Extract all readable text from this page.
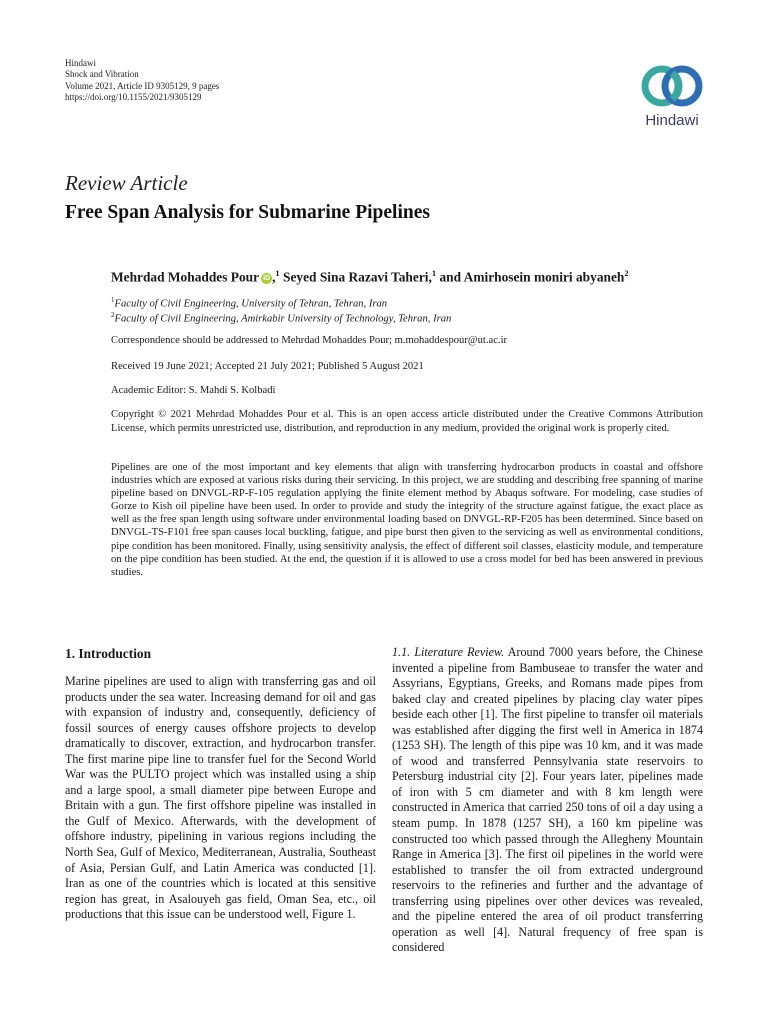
Hindawi
Shock and Vibration
Volume 2021, Article ID 9305129, 9 pages
https://doi.org/10.1155/2021/9305129
Hindawi
Review Article
Free Span Analysis for Submarine Pipelines
Mehrdad Mohaddes Pour iD ,$^1$ Seyed Sina Razavi Taheri,$^1$ and Amirhosein moniri abyaneh$^2$
$^1$Faculty of Civil Engineering, University of Tehran, Tehran, Iran
$^2$Faculty of Civil Engineering, Amirkabir University of Technology, Tehran, Iran
Correspondence should be addressed to Mehrdad Mohaddes Pour; m.mohaddespour@ut.ac.ir
Received 19 June 2021; Accepted 21 July 2021; Published 5 August 2021
Academic Editor: S. Mahdi S. Kolbadi
Copyright © 2021 Mehrdad Mohaddes Pour et al. This is an open access article distributed under the Creative Commons Attribution License, which permits unrestricted use, distribution, and reproduction in any medium, provided the original work is properly cited.
Pipelines are one of the most important and key elements that align with transferring hydrocarbon products in coastal and offshore industries which are exposed at various risks during their servicing. In this project, we are studding and describing free spanning of marine pipeline based on DNVGL-RP-F-105 regulation applying the finite element method by Abaqus software. For modeling, case studies of Gorze to Kish oil pipeline have been used. In order to provide and study the integrity of the structure against fatigue, the exact place as well as the free span length using software under environmental loading based on DNVGL-RP-F205 has been determined. Since based on DNVGL-TS-F101 free span causes local buckling, fatigue, and pipe burst then given to the servicing as well as environmental conditions, pipe condition has been monitored. Finally, using sensitivity analysis, the effect of different soil classes, elasticity module, and temperature on the pipe condition has been studied. At the end, the question if it is allowed to use a cross model for bed has been answered in previous studies.
1. Introduction

Marine pipelines are used to align with transferring gas and oil products under the sea water. Increasing demand for oil and gas with expansion of industry and, consequently, deficiency of fossil sources of energy causes offshore projects to develop dramatically to discover, extraction, and hydrocarbon transfer. The first marine pipe line to transfer fuel for the Second World War was the PULTO project which was installed using a ship and a large spool, a small diameter pipe between Europe and Britain with a gun. The first offshore pipeline was installed in the Gulf of Mexico. Afterwards, with the development of offshore industry, pipelining in various regions including the North Sea, Gulf of Mexico, Mediterranean, Australia, Southeast of Asia, Persian Gulf, and Latin America was conducted [1]. Iran as one of the countries which is located at this sensitive region has great, in Asalouyeh gas field, Oman Sea, etc., oil productions that this issue can be understood well, Figure 1.

1.1. Literature Review. Around 7000 years before, the Chinese invented a pipeline from Bambuseae to transfer the water and Assyrians, Egyptians, Greeks, and Romans made pipes from baked clay and created pipelines by placing clay water pipes beside each other [1]. The first pipeline to transfer oil materials was established after digging the first well in America in 1874 (1253 SH). The length of this pipe was 10 km, and it was made of wood and transferred Pennsylvania state reservoirs to Petersburg industrial city [2]. Four years later, pipelines made of iron with 5 cm diameter and with 8 km length were constructed in America that carried 250 tons of oil a day using a steam pump. In 1878 (1257 SH), a 160 km pipeline was constructed too which passed through the Allegheny Mountain Range in America [3]. The first oil pipelines in the world were established to transfer the oil from extracted underground reservoirs to the refineries and further and the advantage of transferring using pipelines over other devices was revealed, and the pipeline entered the area of oil product transferring operation as well [4]. Natural frequency of free span is considered
